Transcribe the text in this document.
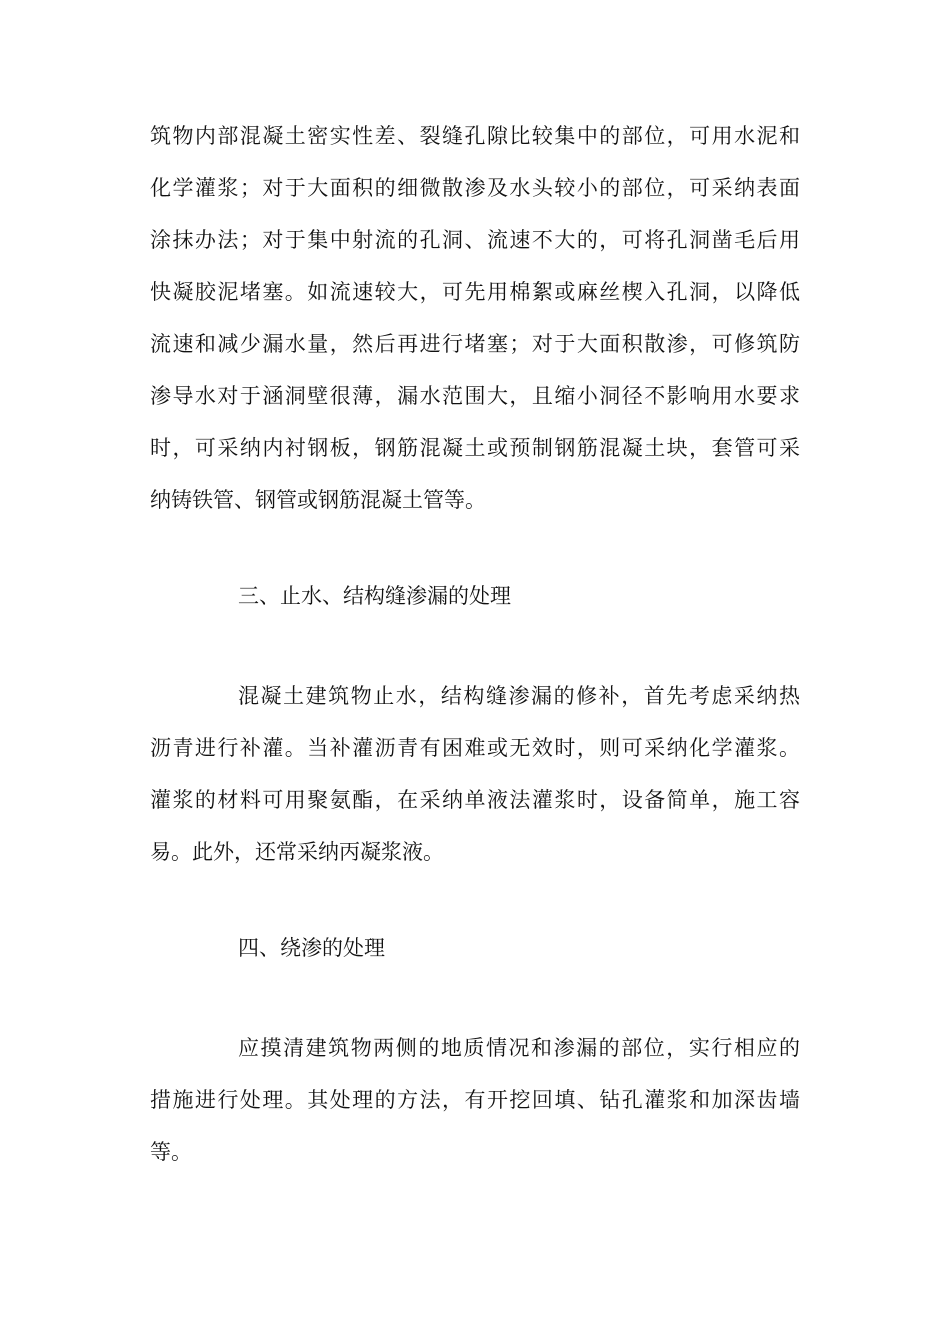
筑物内部混凝土密实性差、裂缝孔隙比较集中的部位，可用水泥和
化学灌浆；对于大面积的细微散渗及水头较小的部位，可采纳表面
涂抹办法；对于集中射流的孔洞、流速不大的，可将孔洞凿毛后用
快凝胶泥堵塞。如流速较大，可先用棉絮或麻丝楔入孔洞，以降低
流速和减少漏水量，然后再进行堵塞；对于大面积散渗，可修筑防
渗导水对于涵洞壁很薄，漏水范围大，且缩小洞径不影响用水要求
时，可采纳内衬钢板，钢筋混凝土或预制钢筋混凝土块，套管可采
纳铸铁管、钢管或钢筋混凝土管等。
三、止水、结构缝渗漏的处理
混凝土建筑物止水，结构缝渗漏的修补，首先考虑采纳热
沥青进行补灌。当补灌沥青有困难或无效时，则可采纳化学灌浆。
灌浆的材料可用聚氨酯，在采纳单液法灌浆时，设备简单，施工容
易。此外，还常采纳丙凝浆液。
四、绕渗的处理
应摸清建筑物两侧的地质情况和渗漏的部位，实行相应的
措施进行处理。其处理的方法，有开挖回填、钻孔灌浆和加深齿墙
等。
